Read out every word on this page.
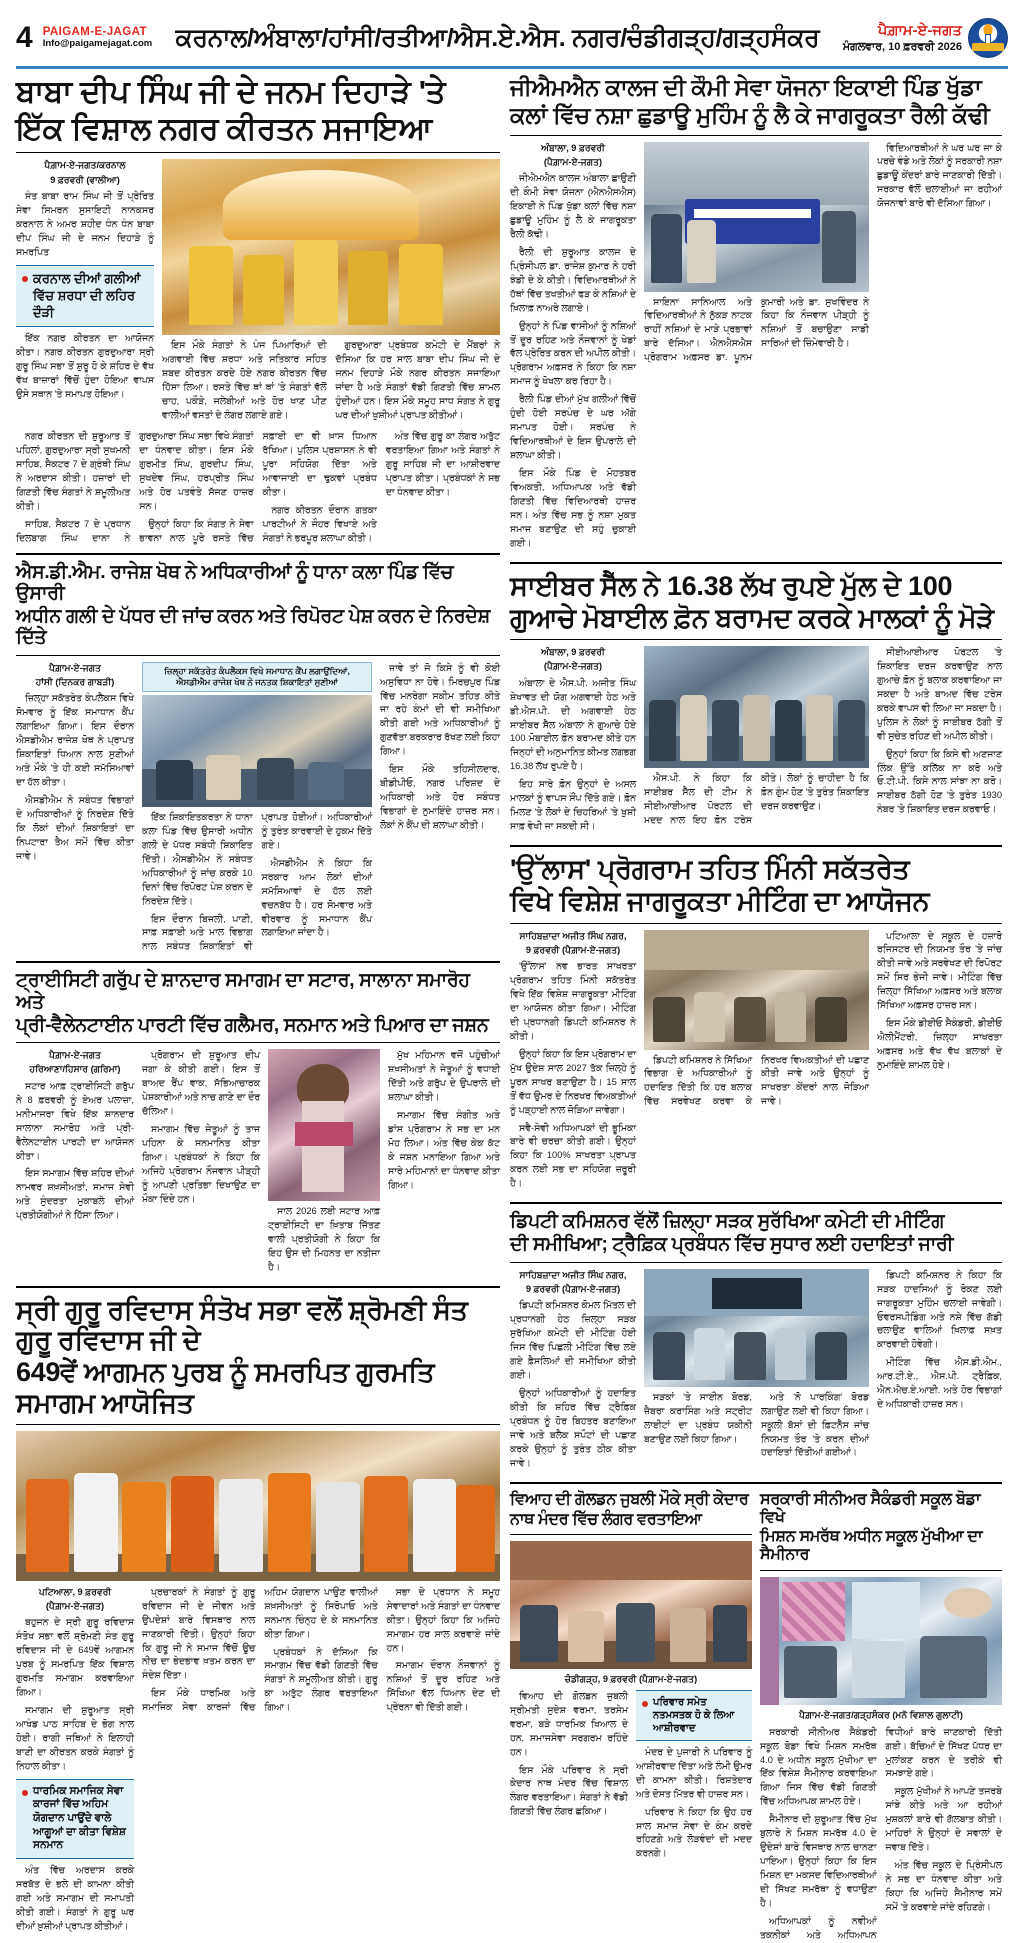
4 PAIGAM-E-JAGAT
Info@paigamejagat.com ਕਰਨਾਲ/ਅੰਬਾਲਾ/ਹਾਂਸੀ/ਰਤੀਆ/ਐਸ.ਏ.ਐਸ. ਨਗਰ/ਚੰਡੀਗੜ੍ਹ/ਗੜ੍ਹਸੰਕਰ	ਪੈਗ਼ਾਮ-ਏ-ਜਗਤ
ਮੰਗਲਵਾਰ, 10 ਫ਼ਰਵਰੀ 2026
ਬਾਬਾ ਦੀਪ ਸਿੰਘ ਜੀ ਦੇ ਜਨਮ ਦਿਹਾੜੇ 'ਤੇ
ਇੱਕ ਵਿਸ਼ਾਲ ਨਗਰ ਕੀਰਤਨ ਸਜਾਇਆ
ਪੈਗ਼ਾਮ-ਏ-ਜਗਤ/ਕਰਨਾਲ
9 ਫ਼ਰਵਰੀ (ਵਾਲੀਆ)

ਸੰਤ ਬਾਬਾ ਰਾਮ ਸਿੰਘ ਜੀ ਤੋਂ ਪ੍ਰੇਰਿਤ ਸੇਵਾ ਸਿਮਰਨ ਸੁਸਾਇਟੀ ਨਾਨਕਸਰ ਕਰਨਾਲ ਨੇ ਅਮਰ ਸ਼ਹੀਦ ਧੰਨ ਧੰਨ ਬਾਬਾ ਦੀਪ ਸਿੰਘ ਜੀ ਦੇ ਜਨਮ ਦਿਹਾੜੇ ਨੂੰ ਸਮਰਪਿਤ

ਕਰਨਾਲ ਦੀਆਂ ਗਲੀਆਂ ਵਿੱਚ ਸ਼ਰਧਾ ਦੀ ਲਹਿਰ ਦੌੜੀ

ਇੱਕ ਨਗਰ ਕੀਰਤਨ ਦਾ ਆਯੋਜਨ ਕੀਤਾ। ਨਗਰ ਕੀਰਤਨ ਗੁਰਦੁਆਰਾ ਸ੍ਰੀ ਗੁਰੂ ਸਿੰਘ ਸਭਾ ਤੋਂ ਸ਼ੁਰੂ ਹੋ ਕੇ ਸ਼ਹਿਰ ਦੇ ਵੱਖ ਵੱਖ ਬਾਜ਼ਾਰਾਂ ਵਿੱਚੋਂ ਹੁੰਦਾ ਹੋਇਆ ਵਾਪਸ ਉਸੇ ਸਥਾਨ 'ਤੇ ਸਮਾਪਤ ਹੋਇਆ।

ਇਸ ਮੌਕੇ ਸੰਗਤਾਂ ਨੇ ਪੰਜ ਪਿਆਰਿਆਂ ਦੀ ਅਗਵਾਈ ਵਿੱਚ ਸ਼ਰਧਾ ਅਤੇ ਸਤਿਕਾਰ ਸਹਿਤ ਸ਼ਬਦ ਕੀਰਤਨ ਕਰਦੇ ਹੋਏ ਨਗਰ ਕੀਰਤਨ ਵਿੱਚ ਹਿੱਸਾ ਲਿਆ। ਰਸਤੇ ਵਿੱਚ ਥਾਂ ਥਾਂ 'ਤੇ ਸੰਗਤਾਂ ਵੱਲੋਂ ਚਾਹ, ਪਕੌੜੇ, ਜਲੇਬੀਆਂ ਅਤੇ ਹੋਰ ਖਾਣ ਪੀਣ ਵਾਲੀਆਂ ਵਸਤਾਂ ਦੇ ਲੰਗਰ ਲਗਾਏ ਗਏ।

ਗੁਰਦੁਆਰਾ ਪ੍ਰਬੰਧਕ ਕਮੇਟੀ ਦੇ ਮੈਂਬਰਾਂ ਨੇ ਦੱਸਿਆ ਕਿ ਹਰ ਸਾਲ ਬਾਬਾ ਦੀਪ ਸਿੰਘ ਜੀ ਦੇ ਜਨਮ ਦਿਹਾੜੇ ਮੌਕੇ ਨਗਰ ਕੀਰਤਨ ਸਜਾਇਆ ਜਾਂਦਾ ਹੈ ਅਤੇ ਸੰਗਤਾਂ ਵੱਡੀ ਗਿਣਤੀ ਵਿੱਚ ਸ਼ਾਮਲ ਹੁੰਦੀਆਂ ਹਨ। ਇਸ ਮੌਕੇ ਸਮੂਹ ਸਾਧ ਸੰਗਤ ਨੇ ਗੁਰੂ ਘਰ ਦੀਆਂ ਖੁਸ਼ੀਆਂ ਪ੍ਰਾਪਤ ਕੀਤੀਆਂ।

ਨਗਰ ਕੀਰਤਨ ਦੀ ਸ਼ੁਰੂਆਤ ਤੋਂ ਪਹਿਲਾਂ, ਗੁਰਦੁਆਰਾ ਸ੍ਰੀ ਸੁਖਮਨੀ ਸਾਹਿਬ, ਸੈਕਟਰ 7 ਦੇ ਗ੍ਰੰਥੀ ਸਿੰਘ ਨੇ ਅਰਦਾਸ ਕੀਤੀ। ਹਜ਼ਾਰਾਂ ਦੀ ਗਿਣਤੀ ਵਿੱਚ ਸੰਗਤਾਂ ਨੇ ਸ਼ਮੂਲੀਅਤ ਕੀਤੀ।

ਸਾਹਿਬ, ਸੈਕਟਰ 7 ਦੇ ਪ੍ਰਧਾਨ ਦਿਲਬਾਗ ਸਿੰਘ ਦਾਨਾ ਨੇ ਗੁਰਦੁਆਰਾ ਸਿੰਘ ਸਭਾ ਵਿਖੇ ਸੰਗਤਾਂ ਦਾ ਧੰਨਵਾਦ ਕੀਤਾ। ਇਸ ਮੌਕੇ ਗੁਰਮੀਤ ਸਿੰਘ, ਗੁਰਦੀਪ ਸਿੰਘ, ਸੁਖਦੇਵ ਸਿੰਘ, ਹਰਪ੍ਰੀਤ ਸਿੰਘ ਅਤੇ ਹੋਰ ਪਤਵੰਤੇ ਸੱਜਣ ਹਾਜ਼ਰ ਸਨ।

ਉਨ੍ਹਾਂ ਕਿਹਾ ਕਿ ਸੰਗਤ ਨੇ ਸੇਵਾ ਭਾਵਨਾ ਨਾਲ ਪੂਰੇ ਰਸਤੇ ਵਿੱਚ ਸਫ਼ਾਈ ਦਾ ਵੀ ਖ਼ਾਸ ਧਿਆਨ ਰੱਖਿਆ। ਪੁਲਿਸ ਪ੍ਰਸ਼ਾਸਨ ਨੇ ਵੀ ਪੂਰਾ ਸਹਿਯੋਗ ਦਿੱਤਾ ਅਤੇ ਆਵਾਜਾਈ ਦਾ ਢੁਕਵਾਂ ਪ੍ਰਬੰਧ ਕੀਤਾ।

ਨਗਰ ਕੀਰਤਨ ਦੌਰਾਨ ਗਤਕਾ ਪਾਰਟੀਆਂ ਨੇ ਜੌਹਰ ਵਿਖਾਏ ਅਤੇ ਸੰਗਤਾਂ ਨੇ ਭਰਪੂਰ ਸ਼ਲਾਘਾ ਕੀਤੀ।

ਅੰਤ ਵਿੱਚ ਗੁਰੂ ਕਾ ਲੰਗਰ ਅਤੁੱਟ ਵਰਤਾਇਆ ਗਿਆ ਅਤੇ ਸੰਗਤਾਂ ਨੇ ਗੁਰੂ ਸਾਹਿਬ ਜੀ ਦਾ ਆਸ਼ੀਰਵਾਦ ਪ੍ਰਾਪਤ ਕੀਤਾ। ਪ੍ਰਬੰਧਕਾਂ ਨੇ ਸਭ ਦਾ ਧੰਨਵਾਦ ਕੀਤਾ।

ਐਸ.ਡੀ.ਐਮ. ਰਾਜੇਸ਼ ਖੋਥ ਨੇ ਅਧਿਕਾਰੀਆਂ ਨੂੰ ਧਾਨਾ ਕਲਾ ਪਿੰਡ ਵਿੱਚ ਉਸਾਰੀ
ਅਧੀਨ ਗਲੀ ਦੇ ਪੱਧਰ ਦੀ ਜਾਂਚ ਕਰਨ ਅਤੇ ਰਿਪੋਰਟ ਪੇਸ਼ ਕਰਨ ਦੇ ਨਿਰਦੇਸ਼ ਦਿੱਤੇ
ਪੈਗ਼ਾਮ-ਏ-ਜਗਤ
ਹਾਂਸੀ (ਦਿਨਕਰ ਗਾਬੜੀ)

ਜ਼ਿਲ੍ਹਾ ਸਕੱਤਰੇਤ ਕੰਪਲੈਕਸ ਵਿਖੇ ਸੋਮਵਾਰ ਨੂੰ ਇੱਕ ਸਮਾਧਾਨ ਕੈਂਪ ਲਗਾਇਆ ਗਿਆ। ਇਸ ਦੌਰਾਨ ਐਸਡੀਐਮ ਰਾਜੇਸ਼ ਖੋਥ ਨੇ ਪ੍ਰਾਪਤ ਸ਼ਿਕਾਇਤਾਂ ਧਿਆਨ ਨਾਲ ਸੁਣੀਆਂ ਅਤੇ ਮੌਕੇ 'ਤੇ ਹੀ ਕਈ ਸਮੱਸਿਆਵਾਂ ਦਾ ਹੱਲ ਕੀਤਾ।

ਐਸਡੀਐਮ ਨੇ ਸਬੰਧਤ ਵਿਭਾਗਾਂ ਦੇ ਅਧਿਕਾਰੀਆਂ ਨੂੰ ਨਿਰਦੇਸ਼ ਦਿੱਤੇ ਕਿ ਲੋਕਾਂ ਦੀਆਂ ਸ਼ਿਕਾਇਤਾਂ ਦਾ ਨਿਪਟਾਰਾ ਤੈਅ ਸਮੇਂ ਵਿੱਚ ਕੀਤਾ ਜਾਵੇ।

ਜ਼ਿਲ੍ਹਾ ਸਕੱਤਰੇਤ ਕੰਪਲੈਕਸ ਵਿਖੇ ਸਮਾਧਾਨ ਕੈਂਪ ਲਗਾਉਂਦਿਆਂ, ਐਸਡੀਐਮ ਰਾਜੇਸ਼ ਖੋਥ ਨੇ ਜਨਤਕ ਸ਼ਿਕਾਇਤਾਂ ਸੁਣੀਆਂ

ਇੱਕ ਸ਼ਿਕਾਇਤਕਰਤਾ ਨੇ ਧਾਨਾ ਕਲਾ ਪਿੰਡ ਵਿੱਚ ਉਸਾਰੀ ਅਧੀਨ ਗਲੀ ਦੇ ਪੱਧਰ ਸਬੰਧੀ ਸ਼ਿਕਾਇਤ ਦਿੱਤੀ। ਐਸਡੀਐਮ ਨੇ ਸਬੰਧਤ ਅਧਿਕਾਰੀਆਂ ਨੂੰ ਜਾਂਚ ਕਰਕੇ 10 ਦਿਨਾਂ ਵਿੱਚ ਰਿਪੋਰਟ ਪੇਸ਼ ਕਰਨ ਦੇ ਨਿਰਦੇਸ਼ ਦਿੱਤੇ।

ਇਸ ਦੌਰਾਨ ਬਿਜਲੀ, ਪਾਣੀ, ਸਾਫ਼ ਸਫ਼ਾਈ ਅਤੇ ਮਾਲ ਵਿਭਾਗ ਨਾਲ ਸਬੰਧਤ ਸ਼ਿਕਾਇਤਾਂ ਵੀ ਪ੍ਰਾਪਤ ਹੋਈਆਂ। ਅਧਿਕਾਰੀਆਂ ਨੂੰ ਤੁਰੰਤ ਕਾਰਵਾਈ ਦੇ ਹੁਕਮ ਦਿੱਤੇ ਗਏ।

ਐਸਡੀਐਮ ਨੇ ਕਿਹਾ ਕਿ ਸਰਕਾਰ ਆਮ ਲੋਕਾਂ ਦੀਆਂ ਸਮੱਸਿਆਵਾਂ ਦੇ ਹੱਲ ਲਈ ਵਚਨਬੱਧ ਹੈ। ਹਰ ਸੋਮਵਾਰ ਅਤੇ ਵੀਰਵਾਰ ਨੂੰ ਸਮਾਧਾਨ ਕੈਂਪ ਲਗਾਇਆ ਜਾਂਦਾ ਹੈ।

ਜਾਵੇ ਤਾਂ ਜੋ ਕਿਸੇ ਨੂੰ ਵੀ ਕੋਈ ਅਸੁਵਿਧਾ ਨਾ ਹੋਵੇ। ਮਿਰਚਪੁਰ ਪਿੰਡ ਵਿੱਚ ਮਨਰੇਗਾ ਸਕੀਮ ਤਹਿਤ ਕੀਤੇ ਜਾ ਰਹੇ ਕੰਮਾਂ ਦੀ ਵੀ ਸਮੀਖਿਆ ਕੀਤੀ ਗਈ ਅਤੇ ਅਧਿਕਾਰੀਆਂ ਨੂੰ ਗੁਣਵੱਤਾ ਬਰਕਰਾਰ ਰੱਖਣ ਲਈ ਕਿਹਾ ਗਿਆ।

ਇਸ ਮੌਕੇ ਤਹਿਸੀਲਦਾਰ, ਬੀਡੀਪੀਓ, ਨਗਰ ਪਰਿਸ਼ਦ ਦੇ ਅਧਿਕਾਰੀ ਅਤੇ ਹੋਰ ਸਬੰਧਤ ਵਿਭਾਗਾਂ ਦੇ ਨੁਮਾਇੰਦੇ ਹਾਜ਼ਰ ਸਨ। ਲੋਕਾਂ ਨੇ ਕੈਂਪ ਦੀ ਸ਼ਲਾਘਾ ਕੀਤੀ।

ਟ੍ਰਾਈਸਿਟੀ ਗਰੁੱਪ ਦੇ ਸ਼ਾਨਦਾਰ ਸਮਾਗਮ ਦਾ ਸਟਾਰ, ਸਾਲਾਨਾ ਸਮਾਰੋਹ ਅਤੇ
ਪ੍ਰੀ-ਵੈਲੇਨਟਾਈਨ ਪਾਰਟੀ ਵਿੱਚ ਗਲੈਮਰ, ਸਨਮਾਨ ਅਤੇ ਪਿਆਰ ਦਾ ਜਸ਼ਨ
ਪੈਗ਼ਾਮ-ਏ-ਜਗਤ
ਹਰਿਆਣਾ/ਹਿਸਾਰ (ਗਰਿਮਾ)

ਸਟਾਰ ਆਫ਼ ਟ੍ਰਾਈਸਿਟੀ ਗਰੁੱਪ ਨੇ 8 ਫ਼ਰਵਰੀ ਨੂੰ ਏਅਰ ਪਲਾਜ਼ਾ, ਮਨੀਮਾਜਰਾ ਵਿਖੇ ਇੱਕ ਸ਼ਾਨਦਾਰ ਸਾਲਾਨਾ ਸਮਾਰੋਹ ਅਤੇ ਪ੍ਰੀ-ਵੈਲੇਨਟਾਈਨ ਪਾਰਟੀ ਦਾ ਆਯੋਜਨ ਕੀਤਾ।

ਇਸ ਸਮਾਗਮ ਵਿੱਚ ਸ਼ਹਿਰ ਦੀਆਂ ਨਾਮਵਰ ਸ਼ਖ਼ਸੀਅਤਾਂ, ਸਮਾਜ ਸੇਵੀ ਅਤੇ ਸੁੰਦਰਤਾ ਮੁਕਾਬਲੇ ਦੀਆਂ ਪ੍ਰਤੀਯੋਗੀਆਂ ਨੇ ਹਿੱਸਾ ਲਿਆ।

ਪ੍ਰੋਗਰਾਮ ਦੀ ਸ਼ੁਰੂਆਤ ਦੀਪ ਜਗਾ ਕੇ ਕੀਤੀ ਗਈ। ਇਸ ਤੋਂ ਬਾਅਦ ਰੈਂਪ ਵਾਕ, ਸੱਭਿਆਚਾਰਕ ਪੇਸ਼ਕਾਰੀਆਂ ਅਤੇ ਨਾਚ ਗਾਣੇ ਦਾ ਦੌਰ ਚੱਲਿਆ।

ਸਮਾਗਮ ਵਿੱਚ ਜੇਤੂਆਂ ਨੂੰ ਤਾਜ ਪਹਿਨਾ ਕੇ ਸਨਮਾਨਿਤ ਕੀਤਾ ਗਿਆ। ਪ੍ਰਬੰਧਕਾਂ ਨੇ ਕਿਹਾ ਕਿ ਅਜਿਹੇ ਪ੍ਰੋਗਰਾਮ ਨੌਜਵਾਨ ਪੀੜ੍ਹੀ ਨੂੰ ਆਪਣੀ ਪ੍ਰਤਿਭਾ ਦਿਖਾਉਣ ਦਾ ਮੌਕਾ ਦਿੰਦੇ ਹਨ।

ਸਾਲ 2026 ਲਈ ਸਟਾਰ ਆਫ਼ ਟ੍ਰਾਈਸਿਟੀ ਦਾ ਖ਼ਿਤਾਬ ਜਿੱਤਣ ਵਾਲੀ ਪ੍ਰਤੀਯੋਗੀ ਨੇ ਕਿਹਾ ਕਿ ਇਹ ਉਸ ਦੀ ਮਿਹਨਤ ਦਾ ਨਤੀਜਾ ਹੈ।

ਮੁੱਖ ਮਹਿਮਾਨ ਵਜੋਂ ਪਹੁੰਚੀਆਂ ਸ਼ਖ਼ਸੀਅਤਾਂ ਨੇ ਜੇਤੂਆਂ ਨੂੰ ਵਧਾਈ ਦਿੱਤੀ ਅਤੇ ਗਰੁੱਪ ਦੇ ਉਪਰਾਲੇ ਦੀ ਸ਼ਲਾਘਾ ਕੀਤੀ।

ਸਮਾਗਮ ਵਿੱਚ ਸੰਗੀਤ ਅਤੇ ਡਾਂਸ ਪ੍ਰੋਗਰਾਮ ਨੇ ਸਭ ਦਾ ਮਨ ਮੋਹ ਲਿਆ। ਅੰਤ ਵਿੱਚ ਕੇਕ ਕੱਟ ਕੇ ਜਸ਼ਨ ਮਨਾਇਆ ਗਿਆ ਅਤੇ ਸਾਰੇ ਮਹਿਮਾਨਾਂ ਦਾ ਧੰਨਵਾਦ ਕੀਤਾ ਗਿਆ।

ਸ੍ਰੀ ਗੁਰੂ ਰਵਿਦਾਸ ਸੰਤੋਖ ਸਭਾ ਵਲੋਂ ਸ਼੍ਰੋਮਣੀ ਸੰਤ ਗੁਰੂ ਰਵਿਦਾਸ ਜੀ ਦੇ
649ਵੇਂ ਆਗਮਨ ਪੁਰਬ ਨੂੰ ਸਮਰਪਿਤ ਗੁਰਮਤਿ ਸਮਾਗਮ ਆਯੋਜਿਤ
ਪਟਿਆਲਾ, 9 ਫ਼ਰਵਰੀ
(ਪੈਗ਼ਾਮ-ਏ-ਜਗਤ)

ਬਹੁਜਨ ਦੇ ਸ੍ਰੀ ਗੁਰੂ ਰਵਿਦਾਸ ਸੰਤੋਖ ਸਭਾ ਵਲੋਂ ਸ਼੍ਰੋਮਣੀ ਸੰਤ ਗੁਰੂ ਰਵਿਦਾਸ ਜੀ ਦੇ 649ਵੇਂ ਆਗਮਨ ਪੁਰਬ ਨੂੰ ਸਮਰਪਿਤ ਇੱਕ ਵਿਸ਼ਾਲ ਗੁਰਮਤਿ ਸਮਾਗਮ ਕਰਵਾਇਆ ਗਿਆ।

ਸਮਾਗਮ ਦੀ ਸ਼ੁਰੂਆਤ ਸ੍ਰੀ ਆਖੰਡ ਪਾਠ ਸਾਹਿਬ ਦੇ ਭੋਗ ਨਾਲ ਹੋਈ। ਰਾਗੀ ਜਥਿਆਂ ਨੇ ਇਲਾਹੀ ਬਾਣੀ ਦਾ ਕੀਰਤਨ ਕਰਕੇ ਸੰਗਤਾਂ ਨੂੰ ਨਿਹਾਲ ਕੀਤਾ।

ਧਾਰਮਿਕ ਸਮਾਜਿਕ ਸੇਵਾ ਕਾਰਜਾਂ ਵਿੱਚ ਅਹਿਮ ਯੋਗਦਾਨ ਪਾਉਂਦੇ ਵਾਲੇ ਆਗੂਆਂ ਦਾ ਕੀਤਾ ਵਿਸ਼ੇਸ਼ ਸਨਮਾਨ

ਅੰਤ ਵਿੱਚ ਅਰਦਾਸ ਕਰਕੇ ਸਰਬੱਤ ਦੇ ਭਲੇ ਦੀ ਕਾਮਨਾ ਕੀਤੀ ਗਈ ਅਤੇ ਸਮਾਗਮ ਦੀ ਸਮਾਪਤੀ ਕੀਤੀ ਗਈ। ਸੰਗਤਾਂ ਨੇ ਗੁਰੂ ਘਰ ਦੀਆਂ ਖ਼ੁਸ਼ੀਆਂ ਪ੍ਰਾਪਤ ਕੀਤੀਆਂ।

ਪ੍ਰਚਾਰਕਾਂ ਨੇ ਸੰਗਤਾਂ ਨੂੰ ਗੁਰੂ ਰਵਿਦਾਸ ਜੀ ਦੇ ਜੀਵਨ ਅਤੇ ਉਪਦੇਸ਼ਾਂ ਬਾਰੇ ਵਿਸਥਾਰ ਨਾਲ ਜਾਣਕਾਰੀ ਦਿੱਤੀ। ਉਨ੍ਹਾਂ ਕਿਹਾ ਕਿ ਗੁਰੂ ਜੀ ਨੇ ਸਮਾਜ ਵਿੱਚੋਂ ਊਚ ਨੀਚ ਦਾ ਭੇਦਭਾਵ ਖ਼ਤਮ ਕਰਨ ਦਾ ਸੰਦੇਸ਼ ਦਿੱਤਾ।

ਇਸ ਮੌਕੇ ਧਾਰਮਿਕ ਅਤੇ ਸਮਾਜਿਕ ਸੇਵਾ ਕਾਰਜਾਂ ਵਿੱਚ ਅਹਿਮ ਯੋਗਦਾਨ ਪਾਉਣ ਵਾਲੀਆਂ ਸ਼ਖ਼ਸੀਅਤਾਂ ਨੂੰ ਸਿਰੋਪਾਓ ਅਤੇ ਸਨਮਾਨ ਚਿੰਨ੍ਹ ਦੇ ਕੇ ਸਨਮਾਨਿਤ ਕੀਤਾ ਗਿਆ।

ਪ੍ਰਬੰਧਕਾਂ ਨੇ ਦੱਸਿਆ ਕਿ ਸਮਾਗਮ ਵਿੱਚ ਵੱਡੀ ਗਿਣਤੀ ਵਿੱਚ ਸੰਗਤਾਂ ਨੇ ਸ਼ਮੂਲੀਅਤ ਕੀਤੀ। ਗੁਰੂ ਕਾ ਅਤੁੱਟ ਲੰਗਰ ਵਰਤਾਇਆ ਗਿਆ।

ਸਭਾ ਦੇ ਪ੍ਰਧਾਨ ਨੇ ਸਮੂਹ ਸੇਵਾਦਾਰਾਂ ਅਤੇ ਸੰਗਤਾਂ ਦਾ ਧੰਨਵਾਦ ਕੀਤਾ। ਉਨ੍ਹਾਂ ਕਿਹਾ ਕਿ ਅਜਿਹੇ ਸਮਾਗਮ ਹਰ ਸਾਲ ਕਰਵਾਏ ਜਾਂਦੇ ਹਨ।

ਸਮਾਗਮ ਦੌਰਾਨ ਨੌਜਵਾਨਾਂ ਨੂੰ ਨਸ਼ਿਆਂ ਤੋਂ ਦੂਰ ਰਹਿਣ ਅਤੇ ਸਿੱਖਿਆ ਵੱਲ ਧਿਆਨ ਦੇਣ ਦੀ ਪ੍ਰੇਰਨਾ ਵੀ ਦਿੱਤੀ ਗਈ।

ਜੀਐਮਐਨ ਕਾਲਜ ਦੀ ਕੌਮੀ ਸੇਵਾ ਯੋਜਨਾ ਇਕਾਈ ਪਿੰਡ ਖੁੱਡਾ
ਕਲਾਂ ਵਿੱਚ ਨਸ਼ਾ ਛੁਡਾਊ ਮੁਹਿੰਮ ਨੂੰ ਲੈ ਕੇ ਜਾਗਰੂਕਤਾ ਰੈਲੀ ਕੱਢੀ
ਅੰਬਾਲਾ, 9 ਫ਼ਰਵਰੀ
(ਪੈਗ਼ਾਮ-ਏ-ਜਗਤ)

ਜੀਐਮਐਨ ਕਾਲਜ ਅੰਬਾਲਾ ਛਾਉਣੀ ਦੀ ਕੌਮੀ ਸੇਵਾ ਯੋਜਨਾ (ਐਨਐਸਐਸ) ਇਕਾਈ ਨੇ ਪਿੰਡ ਖੁੱਡਾ ਕਲਾਂ ਵਿੱਚ ਨਸ਼ਾ ਛੁਡਾਊ ਮੁਹਿੰਮ ਨੂੰ ਲੈ ਕੇ ਜਾਗਰੂਕਤਾ ਰੈਲੀ ਕੱਢੀ।

ਰੈਲੀ ਦੀ ਸ਼ੁਰੂਆਤ ਕਾਲਜ ਦੇ ਪ੍ਰਿੰਸੀਪਲ ਡਾ. ਰਾਜੇਸ਼ ਕੁਮਾਰ ਨੇ ਹਰੀ ਝੰਡੀ ਦੇ ਕੇ ਕੀਤੀ। ਵਿਦਿਆਰਥੀਆਂ ਨੇ ਹੱਥਾਂ ਵਿੱਚ ਤਖਤੀਆਂ ਫੜ ਕੇ ਨਸ਼ਿਆਂ ਦੇ ਖ਼ਿਲਾਫ਼ ਨਾਅਰੇ ਲਗਾਏ।

ਉਨ੍ਹਾਂ ਨੇ ਪਿੰਡ ਵਾਸੀਆਂ ਨੂੰ ਨਸ਼ਿਆਂ ਤੋਂ ਦੂਰ ਰਹਿਣ ਅਤੇ ਨੌਜਵਾਨਾਂ ਨੂੰ ਖੇਡਾਂ ਵੱਲ ਪ੍ਰੇਰਿਤ ਕਰਨ ਦੀ ਅਪੀਲ ਕੀਤੀ। ਪ੍ਰੋਗਰਾਮ ਅਫ਼ਸਰ ਨੇ ਕਿਹਾ ਕਿ ਨਸ਼ਾ ਸਮਾਜ ਨੂੰ ਖੋਖਲਾ ਕਰ ਰਿਹਾ ਹੈ।

ਰੈਲੀ ਪਿੰਡ ਦੀਆਂ ਮੁੱਖ ਗਲੀਆਂ ਵਿੱਚੋਂ ਹੁੰਦੀ ਹੋਈ ਸਰਪੰਚ ਦੇ ਘਰ ਅੱਗੇ ਸਮਾਪਤ ਹੋਈ। ਸਰਪੰਚ ਨੇ ਵਿਦਿਆਰਥੀਆਂ ਦੇ ਇਸ ਉਪਰਾਲੇ ਦੀ ਸ਼ਲਾਘਾ ਕੀਤੀ।

ਇਸ ਮੌਕੇ ਪਿੰਡ ਦੇ ਮੋਹਤਬਰ ਵਿਅਕਤੀ, ਅਧਿਆਪਕ ਅਤੇ ਵੱਡੀ ਗਿਣਤੀ ਵਿੱਚ ਵਿਦਿਆਰਥੀ ਹਾਜ਼ਰ ਸਨ। ਅੰਤ ਵਿੱਚ ਸਭ ਨੂੰ ਨਸ਼ਾ ਮੁਕਤ ਸਮਾਜ ਬਣਾਉਣ ਦੀ ਸਹੁੰ ਚੁਕਾਈ ਗਈ।

ਸਾਇਨਾ ਸਾਨਿਆਲ ਅਤੇ ਵਿਦਿਆਰਥੀਆਂ ਨੇ ਨੁੱਕੜ ਨਾਟਕ ਰਾਹੀਂ ਨਸ਼ਿਆਂ ਦੇ ਮਾੜੇ ਪ੍ਰਭਾਵਾਂ ਬਾਰੇ ਦੱਸਿਆ। ਐਨਐਸਐਸ ਪ੍ਰੋਗਰਾਮ ਅਫ਼ਸਰ ਡਾ. ਪੂਨਮ ਕੁਮਾਰੀ ਅਤੇ ਡਾ. ਸੁਖਵਿੰਦਰ ਨੇ ਕਿਹਾ ਕਿ ਨੌਜਵਾਨ ਪੀੜ੍ਹੀ ਨੂੰ ਨਸ਼ਿਆਂ ਤੋਂ ਬਚਾਉਣਾ ਸਾਡੀ ਸਾਰਿਆਂ ਦੀ ਜ਼ਿੰਮੇਵਾਰੀ ਹੈ।

ਵਿਦਿਆਰਥੀਆਂ ਨੇ ਘਰ ਘਰ ਜਾ ਕੇ ਪਰਚੇ ਵੰਡੇ ਅਤੇ ਲੋਕਾਂ ਨੂੰ ਸਰਕਾਰੀ ਨਸ਼ਾ ਛੁਡਾਊ ਕੇਂਦਰਾਂ ਬਾਰੇ ਜਾਣਕਾਰੀ ਦਿੱਤੀ। ਸਰਕਾਰ ਵੱਲੋਂ ਚਲਾਈਆਂ ਜਾ ਰਹੀਆਂ ਯੋਜਨਾਵਾਂ ਬਾਰੇ ਵੀ ਦੱਸਿਆ ਗਿਆ।

ਸਾਈਬਰ ਸੈੱਲ ਨੇ 16.38 ਲੱਖ ਰੁਪਏ ਮੁੱਲ ਦੇ 100
ਗੁਆਚੇ ਮੋਬਾਈਲ ਫ਼ੋਨ ਬਰਾਮਦ ਕਰਕੇ ਮਾਲਕਾਂ ਨੂੰ ਮੋੜੇ
ਅੰਬਾਲਾ, 9 ਫ਼ਰਵਰੀ
(ਪੈਗ਼ਾਮ-ਏ-ਜਗਤ)

ਅੰਬਾਲਾ ਦੇ ਐਸ.ਪੀ. ਅਜੀਤ ਸਿੰਘ ਸ਼ੇਖਾਵਤ ਦੀ ਯੋਗ ਅਗਵਾਈ ਹੇਠ ਅਤੇ ਡੀ.ਐਸ.ਪੀ. ਦੀ ਅਗਵਾਈ ਹੇਠ ਸਾਈਬਰ ਸੈੱਲ ਅੰਬਾਲਾ ਨੇ ਗੁਆਚੇ ਹੋਏ 100 ਮੋਬਾਈਲ ਫ਼ੋਨ ਬਰਾਮਦ ਕੀਤੇ ਹਨ ਜਿਨ੍ਹਾਂ ਦੀ ਅਨੁਮਾਨਿਤ ਕੀਮਤ ਲਗਭਗ 16.38 ਲੱਖ ਰੁਪਏ ਹੈ।

ਇਹ ਸਾਰੇ ਫ਼ੋਨ ਉਨ੍ਹਾਂ ਦੇ ਅਸਲ ਮਾਲਕਾਂ ਨੂੰ ਵਾਪਸ ਸੌਂਪ ਦਿੱਤੇ ਗਏ। ਫ਼ੋਨ ਮਿਲਣ 'ਤੇ ਲੋਕਾਂ ਦੇ ਚਿਹਰਿਆਂ 'ਤੇ ਖੁਸ਼ੀ ਸਾਫ਼ ਵੇਖੀ ਜਾ ਸਕਦੀ ਸੀ।

ਐਸ.ਪੀ. ਨੇ ਕਿਹਾ ਕਿ ਸਾਈਬਰ ਸੈੱਲ ਦੀ ਟੀਮ ਨੇ ਸੀਈਆਈਆਰ ਪੋਰਟਲ ਦੀ ਮਦਦ ਨਾਲ ਇਹ ਫ਼ੋਨ ਟਰੇਸ ਕੀਤੇ। ਲੋਕਾਂ ਨੂੰ ਚਾਹੀਦਾ ਹੈ ਕਿ ਫ਼ੋਨ ਗੁੰਮ ਹੋਣ 'ਤੇ ਤੁਰੰਤ ਸ਼ਿਕਾਇਤ ਦਰਜ ਕਰਵਾਉਣ।

ਸੀਈਆਈਆਰ ਪੋਰਟਲ 'ਤੇ ਸ਼ਿਕਾਇਤ ਦਰਜ ਕਰਵਾਉਣ ਨਾਲ ਗੁਆਚੇ ਫ਼ੋਨ ਨੂੰ ਬਲਾਕ ਕਰਵਾਇਆ ਜਾ ਸਕਦਾ ਹੈ ਅਤੇ ਬਾਅਦ ਵਿੱਚ ਟਰੇਸ ਕਰਕੇ ਵਾਪਸ ਵੀ ਲਿਆ ਜਾ ਸਕਦਾ ਹੈ। ਪੁਲਿਸ ਨੇ ਲੋਕਾਂ ਨੂੰ ਸਾਈਬਰ ਠੱਗੀ ਤੋਂ ਵੀ ਸੁਚੇਤ ਰਹਿਣ ਦੀ ਅਪੀਲ ਕੀਤੀ।

ਉਨ੍ਹਾਂ ਕਿਹਾ ਕਿ ਕਿਸੇ ਵੀ ਅਣਜਾਣ ਲਿੰਕ ਉੱਤੇ ਕਲਿੱਕ ਨਾ ਕਰੋ ਅਤੇ ਓ.ਟੀ.ਪੀ. ਕਿਸੇ ਨਾਲ ਸਾਂਝਾ ਨਾ ਕਰੋ। ਸਾਈਬਰ ਠੱਗੀ ਹੋਣ 'ਤੇ ਤੁਰੰਤ 1930 ਨੰਬਰ 'ਤੇ ਸ਼ਿਕਾਇਤ ਦਰਜ ਕਰਵਾਓ।

'ਉੱਲਾਸ' ਪ੍ਰੋਗਰਾਮ ਤਹਿਤ ਮਿੰਨੀ ਸਕੱਤਰੇਤ
ਵਿਖੇ ਵਿਸ਼ੇਸ਼ ਜਾਗਰੂਕਤਾ ਮੀਟਿੰਗ ਦਾ ਆਯੋਜਨ
ਸਾਹਿਬਜ਼ਾਦਾ ਅਜੀਤ ਸਿੰਘ ਨਗਰ,
9 ਫ਼ਰਵਰੀ (ਪੈਗ਼ਾਮ-ਏ-ਜਗਤ)

'ਉੱਲਾਸ' ਨਵ ਭਾਰਤ ਸਾਖਰਤਾ ਪ੍ਰੋਗਰਾਮ ਤਹਿਤ ਮਿੰਨੀ ਸਕੱਤਰੇਤ ਵਿਖੇ ਇੱਕ ਵਿਸ਼ੇਸ਼ ਜਾਗਰੂਕਤਾ ਮੀਟਿੰਗ ਦਾ ਆਯੋਜਨ ਕੀਤਾ ਗਿਆ। ਮੀਟਿੰਗ ਦੀ ਪ੍ਰਧਾਨਗੀ ਡਿਪਟੀ ਕਮਿਸ਼ਨਰ ਨੇ ਕੀਤੀ।

ਉਨ੍ਹਾਂ ਕਿਹਾ ਕਿ ਇਸ ਪ੍ਰੋਗਰਾਮ ਦਾ ਮੁੱਖ ਉਦੇਸ਼ ਸਾਲ 2027 ਤੱਕ ਜ਼ਿਲ੍ਹੇ ਨੂੰ ਪੂਰਨ ਸਾਖਰ ਬਣਾਉਣਾ ਹੈ। 15 ਸਾਲ ਤੋਂ ਵੱਧ ਉਮਰ ਦੇ ਨਿਰਖਰ ਵਿਅਕਤੀਆਂ ਨੂੰ ਪੜ੍ਹਾਈ ਨਾਲ ਜੋੜਿਆ ਜਾਵੇਗਾ।

ਸਵੈ-ਸੇਵੀ ਅਧਿਆਪਕਾਂ ਦੀ ਭੂਮਿਕਾ ਬਾਰੇ ਵੀ ਚਰਚਾ ਕੀਤੀ ਗਈ। ਉਨ੍ਹਾਂ ਕਿਹਾ ਕਿ 100% ਸਾਖਰਤਾ ਪ੍ਰਾਪਤ ਕਰਨ ਲਈ ਸਭ ਦਾ ਸਹਿਯੋਗ ਜ਼ਰੂਰੀ ਹੈ।

ਡਿਪਟੀ ਕਮਿਸ਼ਨਰ ਨੇ ਸਿੱਖਿਆ ਵਿਭਾਗ ਦੇ ਅਧਿਕਾਰੀਆਂ ਨੂੰ ਹਦਾਇਤ ਦਿੱਤੀ ਕਿ ਹਰ ਬਲਾਕ ਵਿੱਚ ਸਰਵੇਖਣ ਕਰਵਾ ਕੇ ਨਿਰਖਰ ਵਿਅਕਤੀਆਂ ਦੀ ਪਛਾਣ ਕੀਤੀ ਜਾਵੇ ਅਤੇ ਉਨ੍ਹਾਂ ਨੂੰ ਸਾਖਰਤਾ ਕੇਂਦਰਾਂ ਨਾਲ ਜੋੜਿਆ ਜਾਵੇ।

ਪਟਿਆਲਾ ਦੇ ਸਕੂਲ ਦੇ ਹਜ਼ਾਰੋ ਰਜਿਸਟਰ ਦੀ ਨਿਯਮਤ ਤੌਰ 'ਤੇ ਜਾਂਚ ਕੀਤੀ ਜਾਵੇ ਅਤੇ ਸਰਵੇਖਣ ਦੀ ਰਿਪੋਰਟ ਸਮੇਂ ਸਿਰ ਭੇਜੀ ਜਾਵੇ। ਮੀਟਿੰਗ ਵਿੱਚ ਜ਼ਿਲ੍ਹਾ ਸਿੱਖਿਆ ਅਫ਼ਸਰ ਅਤੇ ਬਲਾਕ ਸਿੱਖਿਆ ਅਫ਼ਸਰ ਹਾਜ਼ਰ ਸਨ।

ਇਸ ਮੌਕੇ ਡੀਈਓ ਸੈਕੰਡਰੀ, ਡੀਈਓ ਐਲੀਮੈਂਟਰੀ, ਜ਼ਿਲ੍ਹਾ ਸਾਖਰਤਾ ਅਫ਼ਸਰ ਅਤੇ ਵੱਖ ਵੱਖ ਬਲਾਕਾਂ ਦੇ ਨੁਮਾਇੰਦੇ ਸ਼ਾਮਲ ਹੋਏ।

ਡਿਪਟੀ ਕਮਿਸ਼ਨਰ ਵੱਲੋਂ ਜ਼ਿਲ੍ਹਾ ਸੜਕ ਸੁਰੱਖਿਆ ਕਮੇਟੀ ਦੀ ਮੀਟਿੰਗ
ਦੀ ਸਮੀਖਿਆ; ਟ੍ਰੈਫ਼ਿਕ ਪ੍ਰਬੰਧਨ ਵਿੱਚ ਸੁਧਾਰ ਲਈ ਹਦਾਇਤਾਂ ਜਾਰੀ
ਸਾਹਿਬਜ਼ਾਦਾ ਅਜੀਤ ਸਿੰਘ ਨਗਰ,
9 ਫ਼ਰਵਰੀ (ਪੈਗ਼ਾਮ-ਏ-ਜਗਤ)

ਡਿਪਟੀ ਕਮਿਸ਼ਨਰ ਕੋਮਲ ਮਿੱਤਲ ਦੀ ਪ੍ਰਧਾਨਗੀ ਹੇਠ ਜ਼ਿਲ੍ਹਾ ਸੜਕ ਸੁਰੱਖਿਆ ਕਮੇਟੀ ਦੀ ਮੀਟਿੰਗ ਹੋਈ ਜਿਸ ਵਿੱਚ ਪਿਛਲੀ ਮੀਟਿੰਗ ਵਿੱਚ ਲਏ ਗਏ ਫ਼ੈਸਲਿਆਂ ਦੀ ਸਮੀਖਿਆ ਕੀਤੀ ਗਈ।

ਉਨ੍ਹਾਂ ਅਧਿਕਾਰੀਆਂ ਨੂੰ ਹਦਾਇਤ ਕੀਤੀ ਕਿ ਸ਼ਹਿਰ ਵਿੱਚ ਟ੍ਰੈਫ਼ਿਕ ਪ੍ਰਬੰਧਨ ਨੂੰ ਹੋਰ ਬਿਹਤਰ ਬਣਾਇਆ ਜਾਵੇ ਅਤੇ ਬਲੈਕ ਸਪੌਟਾਂ ਦੀ ਪਛਾਣ ਕਰਕੇ ਉਨ੍ਹਾਂ ਨੂੰ ਤੁਰੰਤ ਠੀਕ ਕੀਤਾ ਜਾਵੇ।

ਸੜਕਾਂ 'ਤੇ ਸਾਈਨ ਬੋਰਡ, ਜ਼ੈਬਰਾ ਕਰਾਸਿੰਗ ਅਤੇ ਸਟ੍ਰੀਟ ਲਾਈਟਾਂ ਦਾ ਪ੍ਰਬੰਧ ਯਕੀਨੀ ਬਣਾਉਣ ਲਈ ਕਿਹਾ ਗਿਆ।

ਅਤੇ 'ਨੋ ਪਾਰਕਿੰਗ' ਬੋਰਡ ਲਗਾਉਣ ਲਈ ਵੀ ਕਿਹਾ ਗਿਆ। ਸਕੂਲੀ ਬੱਸਾਂ ਦੀ ਫ਼ਿਟਨੈੱਸ ਜਾਂਚ ਨਿਯਮਤ ਤੌਰ 'ਤੇ ਕਰਨ ਦੀਆਂ ਹਦਾਇਤਾਂ ਦਿੱਤੀਆਂ ਗਈਆਂ।

ਡਿਪਟੀ ਕਮਿਸ਼ਨਰ ਨੇ ਕਿਹਾ ਕਿ ਸੜਕ ਹਾਦਸਿਆਂ ਨੂੰ ਰੋਕਣ ਲਈ ਜਾਗਰੂਕਤਾ ਮੁਹਿੰਮ ਚਲਾਈ ਜਾਵੇਗੀ। ਓਵਰਸਪੀਡਿੰਗ ਅਤੇ ਨਸ਼ੇ ਵਿੱਚ ਗੱਡੀ ਚਲਾਉਣ ਵਾਲਿਆਂ ਖ਼ਿਲਾਫ਼ ਸਖ਼ਤ ਕਾਰਵਾਈ ਹੋਵੇਗੀ।

ਮੀਟਿੰਗ ਵਿੱਚ ਐਸ.ਡੀ.ਐਮ., ਆਰ.ਟੀ.ਏ., ਐਸ.ਪੀ. ਟ੍ਰੈਫ਼ਿਕ, ਐਨ.ਐਚ.ਏ.ਆਈ. ਅਤੇ ਹੋਰ ਵਿਭਾਗਾਂ ਦੇ ਅਧਿਕਾਰੀ ਹਾਜ਼ਰ ਸਨ।

ਵਿਆਹ ਦੀ ਗੋਲਡਨ ਜੁਬਲੀ ਮੌਕੇ ਸ੍ਰੀ ਕੇਦਾਰ
ਨਾਥ ਮੰਦਰ ਵਿੱਚ ਲੰਗਰ ਵਰਤਾਇਆ
ਚੰਡੀਗੜ੍ਹ, 9 ਫ਼ਰਵਰੀ (ਪੈਗ਼ਾਮ-ਏ-ਜਗਤ)

ਵਿਆਹ ਦੀ ਗੋਲਡਨ ਜੁਬਲੀ ਸ੍ਰੀਮਤੀ ਸੁਦੇਸ਼ ਵਰਮਾ, ਤਰਸੇਮ ਵਰਮਾ, ਬੜੇ ਧਾਰਮਿਕ ਖਿਆਲ ਦੇ ਹਨ, ਸਮਾਜਸੇਵਾ ਸਰਗਰਮ ਰਹਿੰਦੇ ਹਨ।

ਇਸ ਮੌਕੇ ਪਰਿਵਾਰ ਨੇ ਸ੍ਰੀ ਕੇਦਾਰ ਨਾਥ ਮੰਦਰ ਵਿੱਚ ਵਿਸ਼ਾਲ ਲੰਗਰ ਵਰਤਾਇਆ। ਸੰਗਤਾਂ ਨੇ ਵੱਡੀ ਗਿਣਤੀ ਵਿੱਚ ਲੰਗਰ ਛਕਿਆ।

ਪਰਿਵਾਰ ਸਮੇਤ ਨਤਮਸਤਕ ਹੋ ਕੇ ਲਿਆ ਆਸ਼ੀਰਵਾਦ

ਮੰਦਰ ਦੇ ਪੁਜਾਰੀ ਨੇ ਪਰਿਵਾਰ ਨੂੰ ਆਸ਼ੀਰਵਾਦ ਦਿੱਤਾ ਅਤੇ ਲੰਮੀ ਉਮਰ ਦੀ ਕਾਮਨਾ ਕੀਤੀ। ਰਿਸ਼ਤੇਦਾਰ ਅਤੇ ਦੋਸਤ ਮਿੱਤਰ ਵੀ ਹਾਜ਼ਰ ਸਨ।

ਪਰਿਵਾਰ ਨੇ ਕਿਹਾ ਕਿ ਉਹ ਹਰ ਸਾਲ ਸਮਾਜ ਸੇਵਾ ਦੇ ਕੰਮ ਕਰਦੇ ਰਹਿਣਗੇ ਅਤੇ ਲੋੜਵੰਦਾਂ ਦੀ ਮਦਦ ਕਰਨਗੇ।

ਸਰਕਾਰੀ ਸੀਨੀਅਰ ਸੈਕੰਡਰੀ ਸਕੂਲ ਬੋਡਾ ਵਿਖੇ
ਮਿਸ਼ਨ ਸਮਰੱਥ ਅਧੀਨ ਸਕੂਲ ਮੁੱਖੀਆ ਦਾ ਸੈਮੀਨਾਰ
ਪੈਗ਼ਾਮ-ਏ-ਜਗਤ/ਗੜ੍ਹਸੰਕਰ (ਮਨੋ ਵਿਸ਼ਾਲ ਗੁਲਾਟੀ)

ਸਰਕਾਰੀ ਸੀਨੀਅਰ ਸੈਕੰਡਰੀ ਸਕੂਲ ਬੋਡਾ ਵਿਖੇ ਮਿਸ਼ਨ ਸਮਰੱਥ 4.0 ਦੇ ਅਧੀਨ ਸਕੂਲ ਮੁੱਖੀਆ ਦਾ ਇੱਕ ਵਿਸ਼ੇਸ਼ ਸੈਮੀਨਾਰ ਕਰਵਾਇਆ ਗਿਆ ਜਿਸ ਵਿੱਚ ਵੱਡੀ ਗਿਣਤੀ ਵਿੱਚ ਅਧਿਆਪਕ ਸ਼ਾਮਲ ਹੋਏ।

ਸੈਮੀਨਾਰ ਦੀ ਸ਼ੁਰੂਆਤ ਵਿੱਚ ਮੁੱਖ ਬੁਲਾਰੇ ਨੇ ਮਿਸ਼ਨ ਸਮਰੱਥ 4.0 ਦੇ ਉਦੇਸ਼ਾਂ ਬਾਰੇ ਵਿਸਥਾਰ ਨਾਲ ਚਾਨਣਾ ਪਾਇਆ। ਉਨ੍ਹਾਂ ਕਿਹਾ ਕਿ ਇਸ ਮਿਸ਼ਨ ਦਾ ਮਕਸਦ ਵਿਦਿਆਰਥੀਆਂ ਦੀ ਸਿੱਖਣ ਸਮਰੱਥਾ ਨੂੰ ਵਧਾਉਣਾ ਹੈ।

ਅਧਿਆਪਕਾਂ ਨੂੰ ਨਵੀਆਂ ਤਕਨੀਕਾਂ ਅਤੇ ਅਧਿਆਪਨ ਵਿਧੀਆਂ ਬਾਰੇ ਜਾਣਕਾਰੀ ਦਿੱਤੀ ਗਈ। ਬੱਚਿਆਂ ਦੇ ਸਿੱਖਣ ਪੱਧਰ ਦਾ ਮੁਲਾਂਕਣ ਕਰਨ ਦੇ ਤਰੀਕੇ ਵੀ ਸਮਝਾਏ ਗਏ।

ਸਕੂਲ ਮੁੱਖੀਆਂ ਨੇ ਆਪਣੇ ਤਜਰਬੇ ਸਾਂਝੇ ਕੀਤੇ ਅਤੇ ਆ ਰਹੀਆਂ ਮੁਸ਼ਕਲਾਂ ਬਾਰੇ ਵੀ ਗੱਲਬਾਤ ਕੀਤੀ। ਮਾਹਿਰਾਂ ਨੇ ਉਨ੍ਹਾਂ ਦੇ ਸਵਾਲਾਂ ਦੇ ਜਵਾਬ ਦਿੱਤੇ।

ਅੰਤ ਵਿੱਚ ਸਕੂਲ ਦੇ ਪ੍ਰਿੰਸੀਪਲ ਨੇ ਸਭ ਦਾ ਧੰਨਵਾਦ ਕੀਤਾ ਅਤੇ ਕਿਹਾ ਕਿ ਅਜਿਹੇ ਸੈਮੀਨਾਰ ਸਮੇਂ ਸਮੇਂ 'ਤੇ ਕਰਵਾਏ ਜਾਂਦੇ ਰਹਿਣਗੇ।
